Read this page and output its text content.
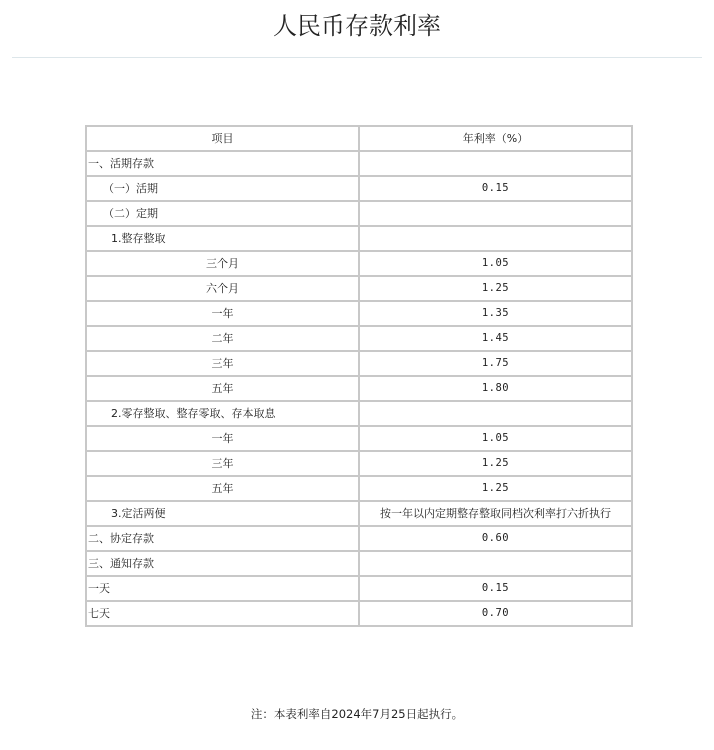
人民币存款利率
项目	年利率（%）
一、活期存款	
（一）活期	0.15
（二）定期	
1.整存整取	
三个月	1.05
六个月	1.25
一年	1.35
二年	1.45
三年	1.75
五年	1.80
2.零存整取、整存零取、存本取息	
一年	1.05
三年	1.25
五年	1.25
3.定活两便	按一年以内定期整存整取同档次利率打六折执行
二、协定存款	0.60
三、通知存款	
一天	0.15
七天	0.70
注：本表利率自2024年7月25日起执行。
